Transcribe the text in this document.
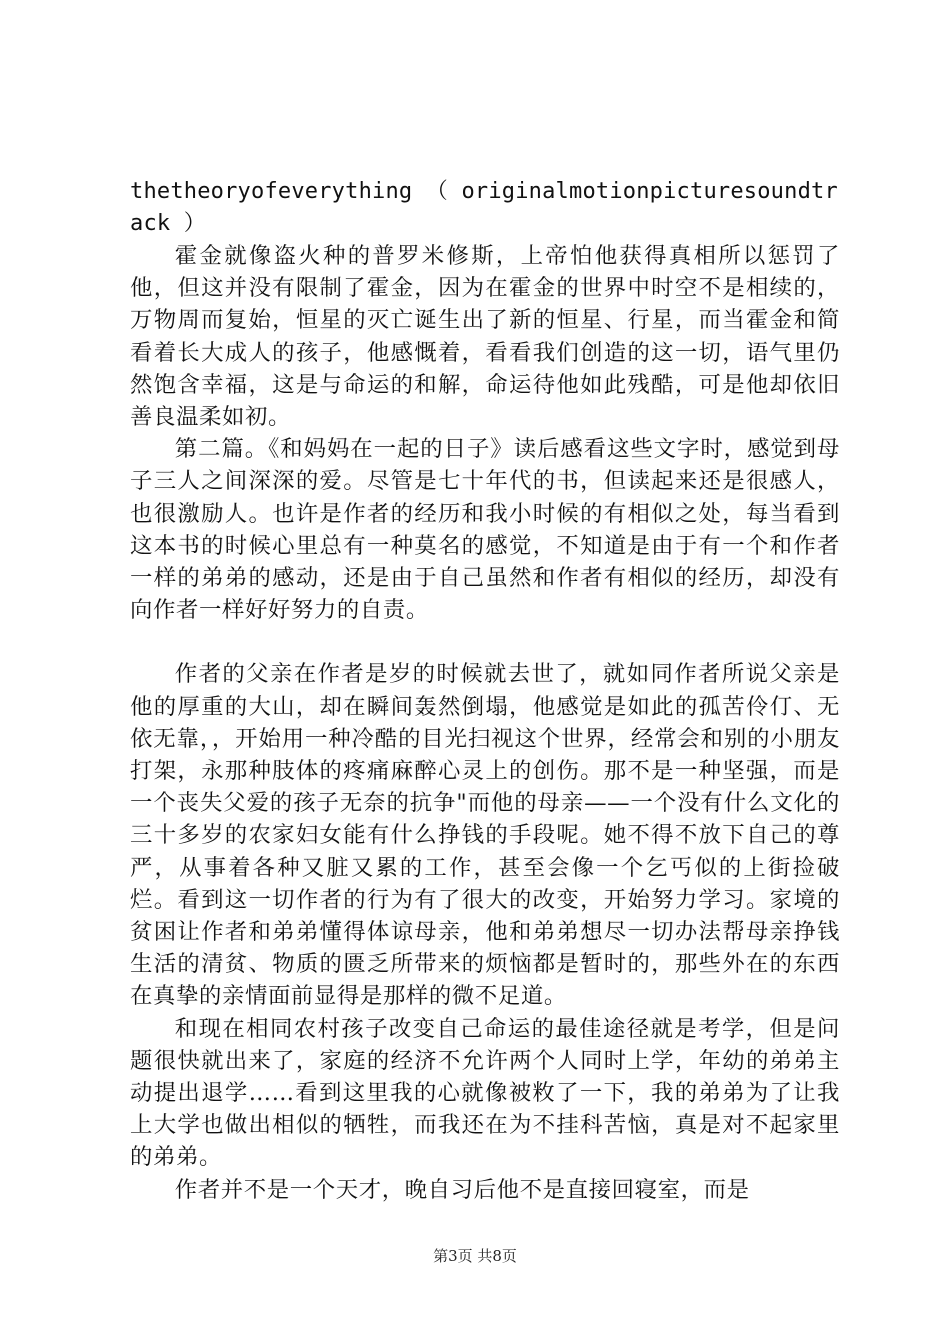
thetheoryofeverything （ originalmotionpicturesoundtrack ）

霍金就像盗火种的普罗米修斯，上帝怕他获得真相所以惩罚了他，但这并没有限制了霍金，因为在霍金的世界中时空不是相续的，万物周而复始，恒星的灭亡诞生出了新的恒星、行星，而当霍金和简看着长大成人的孩子，他感慨着，看看我们创造的这一切，语气里仍然饱含幸福，这是与命运的和解，命运待他如此残酷，可是他却依旧善良温柔如初。

第二篇。《和妈妈在一起的日子》读后感看这些文字时，感觉到母子三人之间深深的爱。尽管是七十年代的书，但读起来还是很感人，也很激励人。也许是作者的经历和我小时候的有相似之处，每当看到这本书的时候心里总有一种莫名的感觉，不知道是由于有一个和作者一样的弟弟的感动，还是由于自己虽然和作者有相似的经历，却没有向作者一样好好努力的自责。

作者的父亲在作者是岁的时候就去世了，就如同作者所说父亲是他的厚重的大山，却在瞬间轰然倒塌，他感觉是如此的孤苦伶仃、无依无靠，，开始用一种冷酷的目光扫视这个世界，经常会和别的小朋友打架，永那种肢体的疼痛麻醉心灵上的创伤。那不是一种坚强，而是一个丧失父爱的孩子无奈的抗争"而他的母亲——一个没有什么文化的三十多岁的农家妇女能有什么挣钱的手段呢。她不得不放下自己的尊严，从事着各种又脏又累的工作，甚至会像一个乞丐似的上街捡破烂。看到这一切作者的行为有了很大的改变，开始努力学习。家境的贫困让作者和弟弟懂得体谅母亲，他和弟弟想尽一切办法帮母亲挣钱生活的清贫、物质的匮乏所带来的烦恼都是暂时的，那些外在的东西在真挚的亲情面前显得是那样的微不足道。

和现在相同农村孩子改变自己命运的最佳途径就是考学，但是问题很快就出来了，家庭的经济不允许两个人同时上学，年幼的弟弟主动提出退学……看到这里我的心就像被敉了一下，我的弟弟为了让我上大学也做出相似的牺牲，而我还在为不挂科苦恼，真是对不起家里的弟弟。

作者并不是一个天才，晚自习后他不是直接回寝室，而是

第3页 共8页
